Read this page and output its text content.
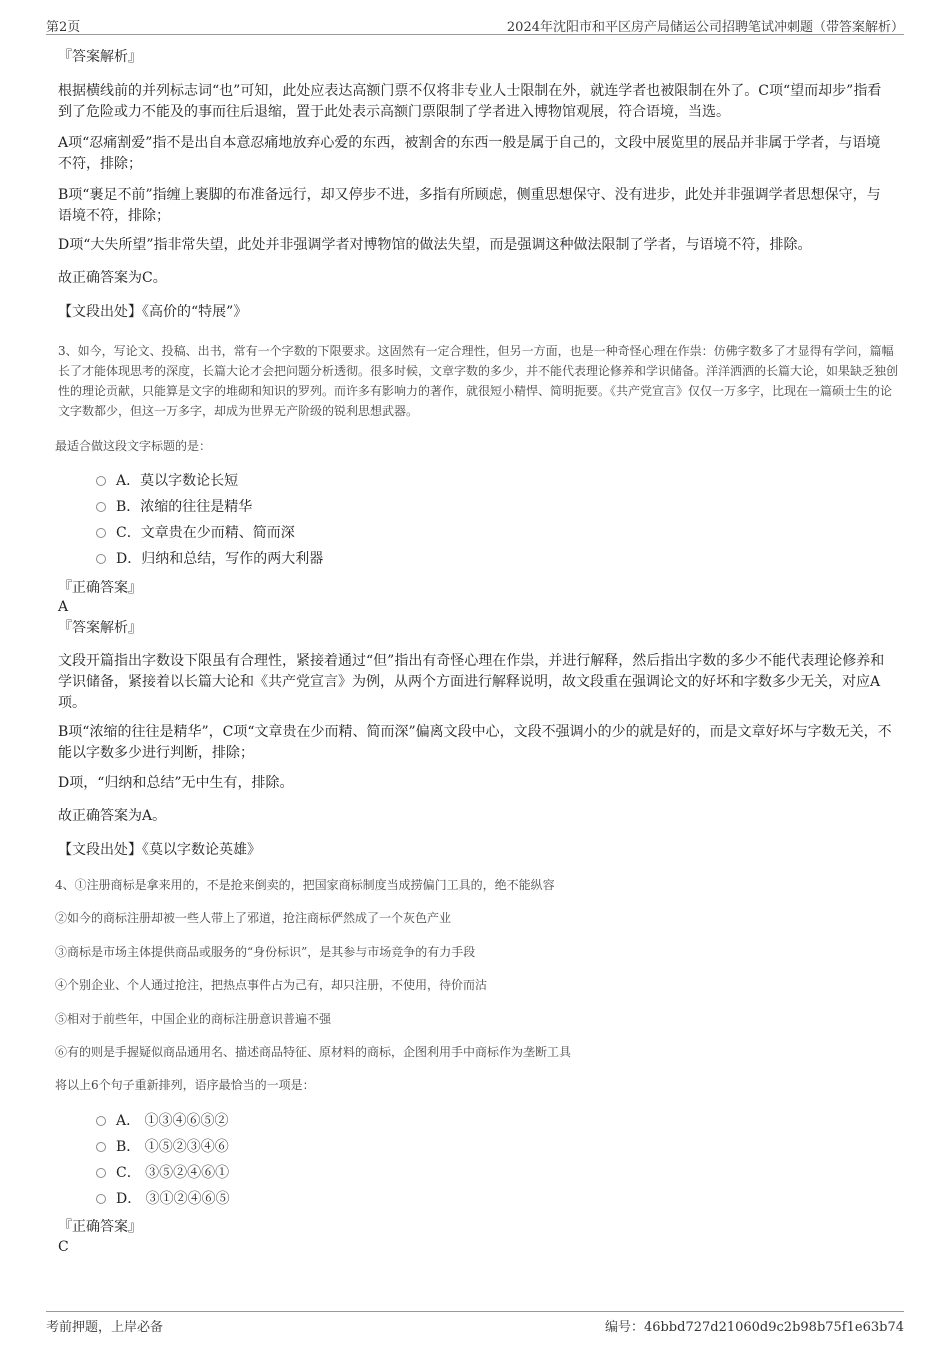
第2页	2024年沈阳市和平区房产局储运公司招聘笔试冲刺题（带答案解析）

『答案解析』

根据横线前的并列标志词“也”可知，此处应表达高额门票不仅将非专业人士限制在外，就连学者也被限制在外了。C项“望而却步”指看到了危险或力不能及的事而往后退缩，置于此处表示高额门票限制了学者进入博物馆观展，符合语境，当选。

A项“忍痛割爱”指不是出自本意忍痛地放弃心爱的东西，被割舍的东西一般是属于自己的，文段中展览里的展品并非属于学者，与语境不符，排除；

B项“裹足不前”指缠上裹脚的布准备远行，却又停步不进，多指有所顾虑，侧重思想保守、没有进步，此处并非强调学者思想保守，与语境不符，排除；

D项“大失所望”指非常失望，此处并非强调学者对博物馆的做法失望，而是强调这种做法限制了学者，与语境不符，排除。

故正确答案为C。

【文段出处】《高价的“特展”》

3、如今，写论文、投稿、出书，常有一个字数的下限要求。这固然有一定合理性，但另一方面，也是一种奇怪心理在作祟：仿佛字数多了才显得有学问，篇幅长了才能体现思考的深度，长篇大论才会把问题分析透彻。很多时候，文章字数的多少，并不能代表理论修养和学识储备。洋洋洒洒的长篇大论，如果缺乏独创性的理论贡献，只能算是文字的堆砌和知识的罗列。而许多有影响力的著作，就很短小精悍、简明扼要。《共产党宣言》仅仅一万多字，比现在一篇硕士生的论文字数都少，但这一万多字，却成为世界无产阶级的锐利思想武器。

最适合做这段文字标题的是：

A．莫以字数论长短
B．浓缩的往往是精华
C．文章贵在少而精、简而深
D．归纳和总结，写作的两大利器

『正确答案』

A

『答案解析』

文段开篇指出字数设下限虽有合理性，紧接着通过“但”指出有奇怪心理在作祟，并进行解释，然后指出字数的多少不能代表理论修养和学识储备，紧接着以长篇大论和《共产党宣言》为例，从两个方面进行解释说明，故文段重在强调论文的好坏和字数多少无关，对应A项。

B项“浓缩的往往是精华”，C项“文章贵在少而精、简而深”偏离文段中心，文段不强调小的少的就是好的，而是文章好坏与字数无关，不能以字数多少进行判断，排除；

D项，“归纳和总结”无中生有，排除。

故正确答案为A。

【文段出处】《莫以字数论英雄》

4、①注册商标是拿来用的，不是抢来倒卖的，把国家商标制度当成捞偏门工具的，绝不能纵容

②如今的商标注册却被一些人带上了邪道，抢注商标俨然成了一个灰色产业

③商标是市场主体提供商品或服务的“身份标识”，是其参与市场竞争的有力手段

④个别企业、个人通过抢注，把热点事件占为己有，却只注册，不使用，待价而沽

⑤相对于前些年，中国企业的商标注册意识普遍不强

⑥有的则是手握疑似商品通用名、描述商品特征、原材料的商标，企图利用手中商标作为垄断工具

将以上6个句子重新排列，语序最恰当的一项是：

A． ①③④⑥⑤②
B． ①⑤②③④⑥
C． ③⑤②④⑥①
D． ③①②④⑥⑤

『正确答案』

C

考前押题，上岸必备	编号：46bbd727d21060d9c2b98b75f1e63b74
